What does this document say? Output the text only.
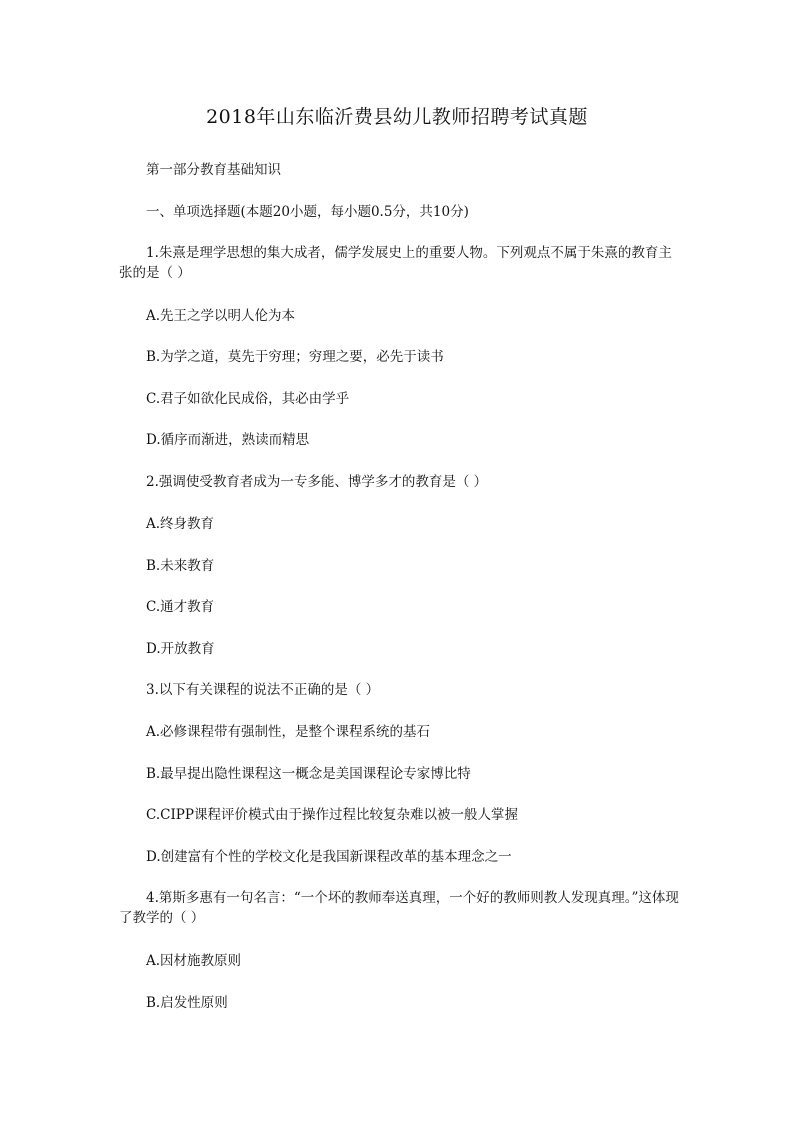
2018年山东临沂费县幼儿教师招聘考试真题
第一部分教育基础知识
一、单项选择题(本题20小题，每小题0.5分，共10分)
1.朱熹是理学思想的集大成者，儒学发展史上的重要人物。下列观点不属于朱熹的教育主张的是（ ）
A.先王之学以明人伦为本
B.为学之道，莫先于穷理；穷理之要，必先于读书
C.君子如欲化民成俗，其必由学乎
D.循序而渐进，熟读而精思
2.强调使受教育者成为一专多能、博学多才的教育是（ ）
A.终身教育
B.未来教育
C.通才教育
D.开放教育
3.以下有关课程的说法不正确的是（ ）
A.必修课程带有强制性，是整个课程系统的基石
B.最早提出隐性课程这一概念是美国课程论专家博比特
C.CIPP课程评价模式由于操作过程比较复杂难以被一般人掌握
D.创建富有个性的学校文化是我国新课程改革的基本理念之一
4.第斯多惠有一句名言：“一个坏的教师奉送真理，一个好的教师则教人发现真理。”这体现了教学的（ ）
A.因材施教原则
B.启发性原则
